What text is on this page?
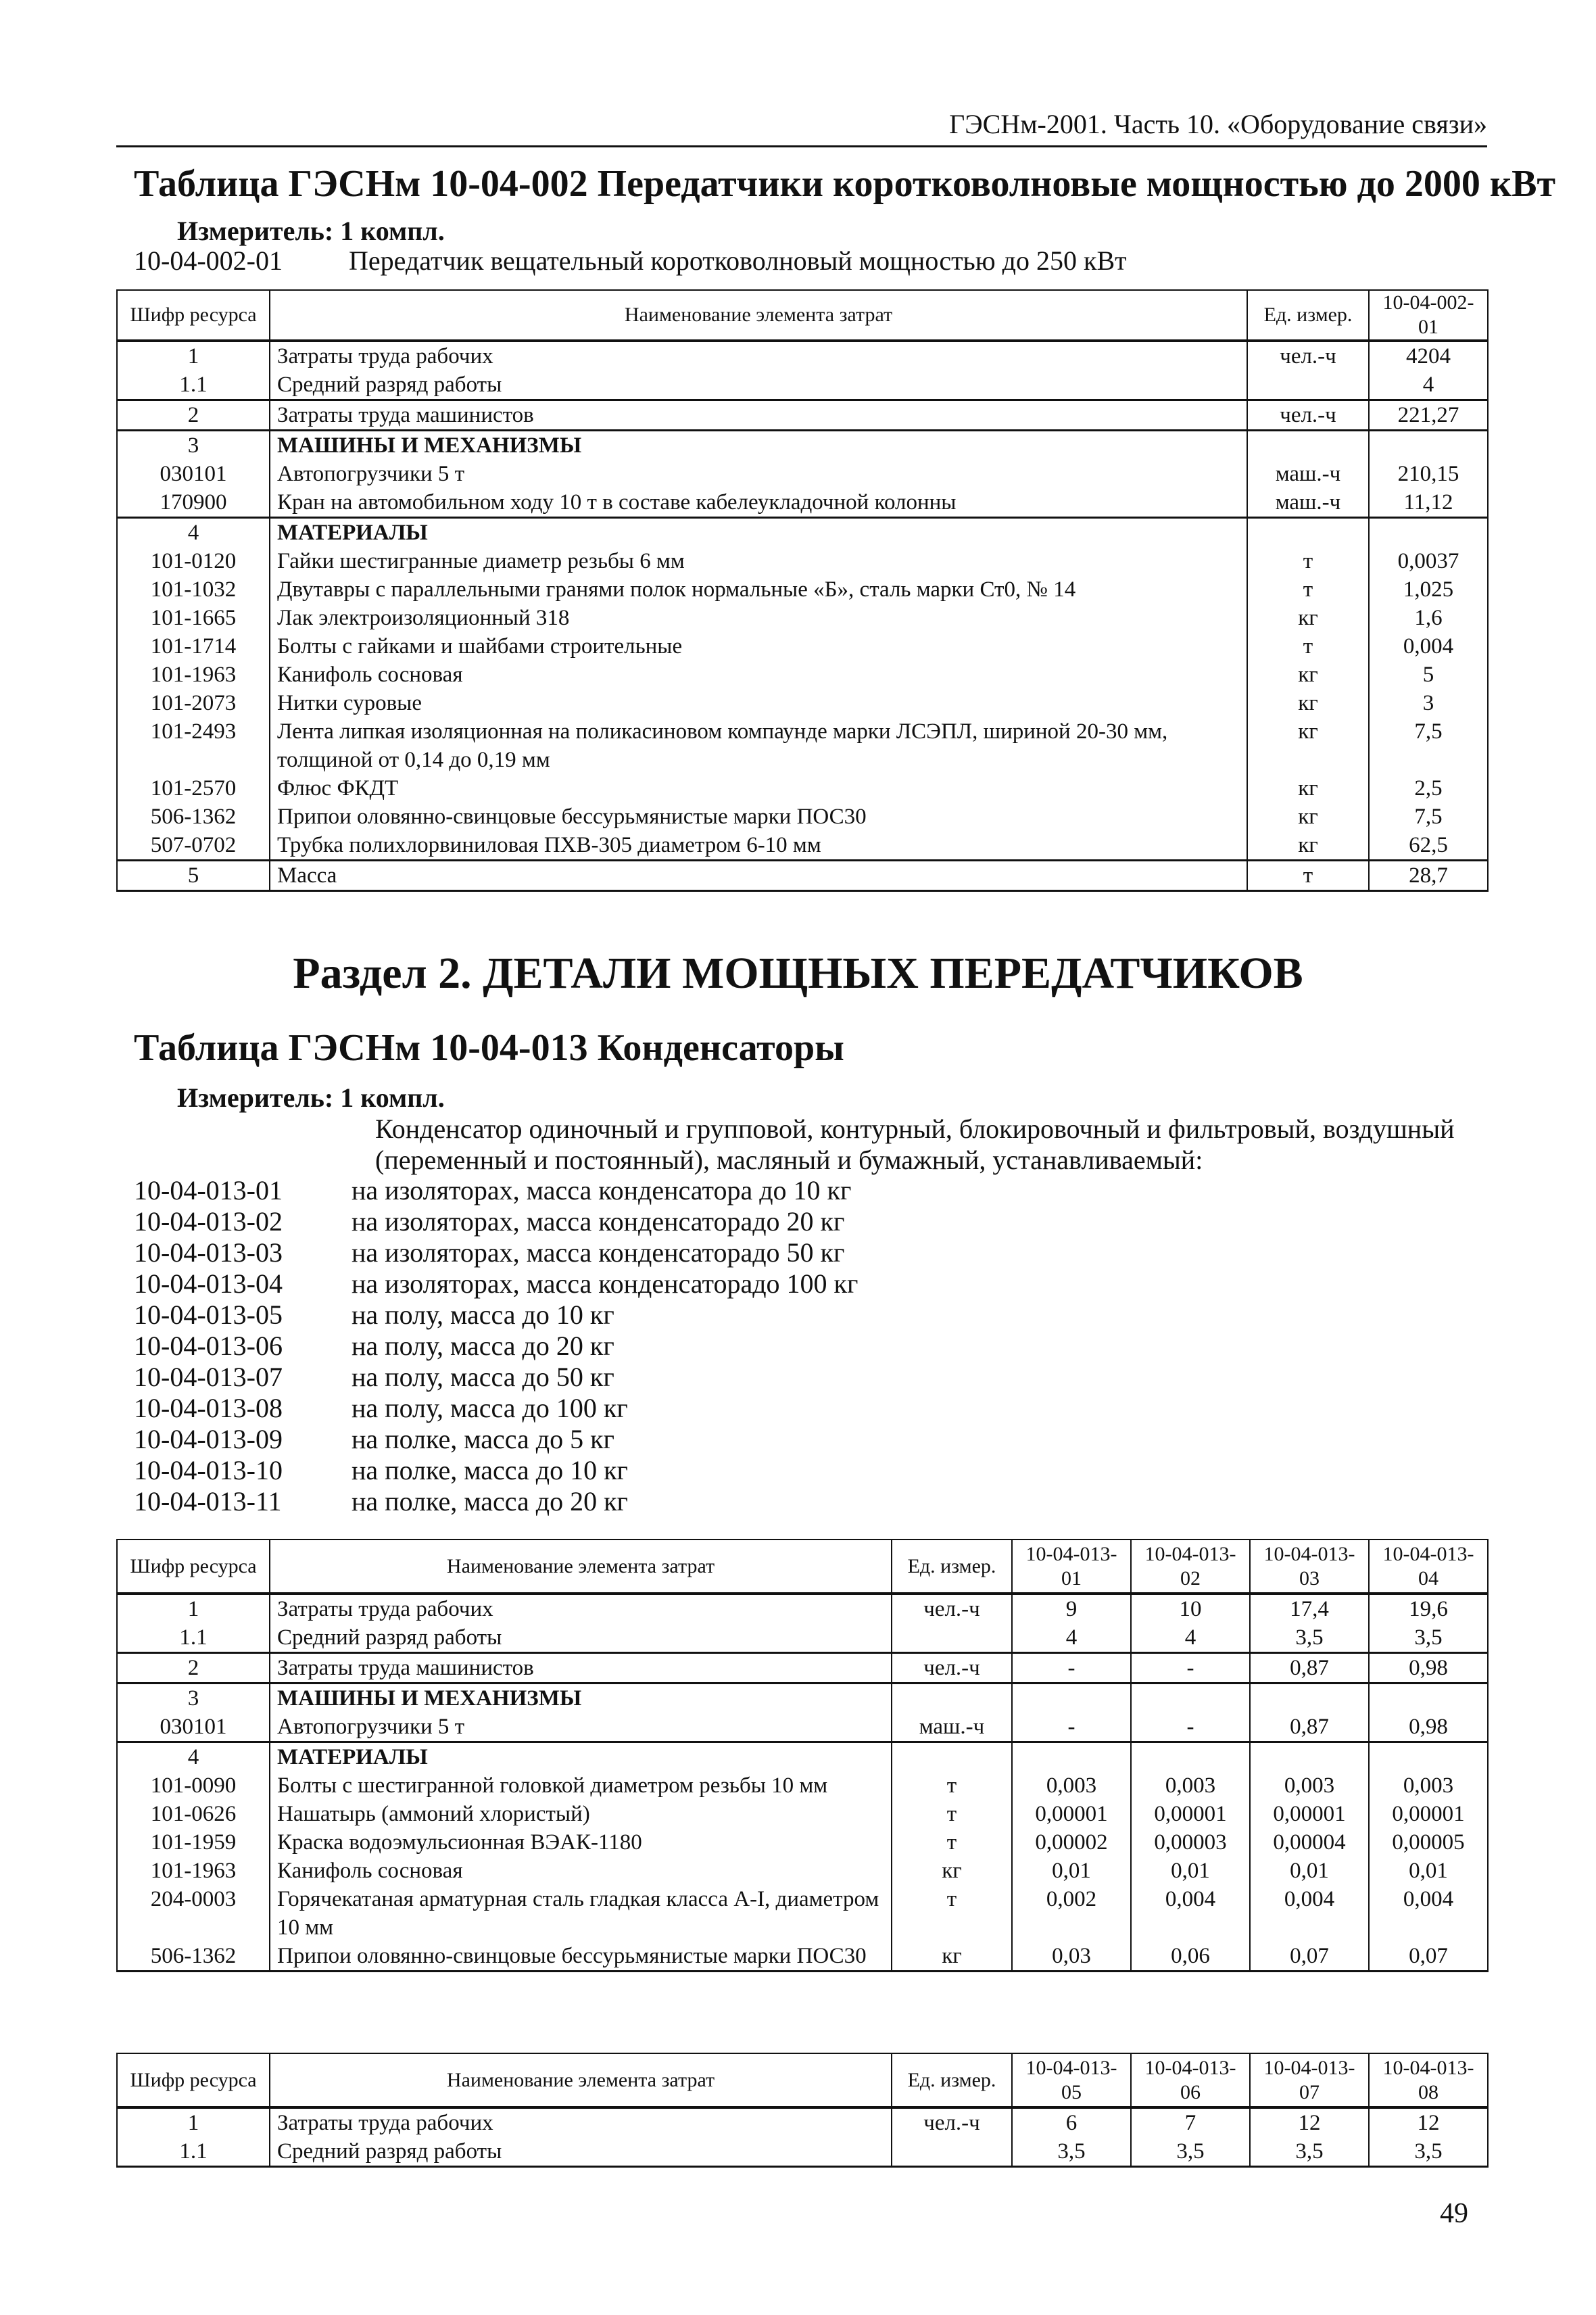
ГЭСНм-2001. Часть 10. «Оборудование связи»
Таблица ГЭСНм 10-04-002 Передатчики коротковолновые мощностью до 2000 кВт
Измеритель: 1 компл.
10-04-002-01 Передатчик вещательный коротковолновый мощностью до 250 кВт
Шифр ресурса	Наименование элемента затрат	Ед. измер.	10-04-002-01
1	Затраты труда рабочих	чел.-ч	4204
1.1	Средний разряд работы		4
2	Затраты труда машинистов	чел.-ч	221,27
3	МАШИНЫ И МЕХАНИЗМЫ		
030101	Автопогрузчики 5 т	маш.-ч	210,15
170900	Кран на автомобильном ходу 10 т в составе кабелеукладочной колонны	маш.-ч	11,12
4	МАТЕРИАЛЫ		
101-0120	Гайки шестигранные диаметр резьбы 6 мм	т	0,0037
101-1032	Двутавры с параллельными гранями полок нормальные «Б», сталь марки Ст0, № 14	т	1,025
101-1665	Лак электроизоляционный 318	кг	1,6
101-1714	Болты с гайками и шайбами строительные	т	0,004
101-1963	Канифоль сосновая	кг	5
101-2073	Нитки суровые	кг	3
101-2493	Лента липкая изоляционная на поликасиновом компаунде марки ЛСЭПЛ, шириной 20-30 мм, толщиной от 0,14 до 0,19 мм	кг	7,5
101-2570	Флюс ФКДТ	кг	2,5
506-1362	Припои оловянно-свинцовые бессурьмянистые марки ПОС30	кг	7,5
507-0702	Трубка полихлорвиниловая ПХВ-305 диаметром 6-10 мм	кг	62,5
5	Масса	т	28,7
Раздел 2. ДЕТАЛИ МОЩНЫХ ПЕРЕДАТЧИКОВ
Таблица ГЭСНм 10-04-013 Конденсаторы
Измеритель: 1 компл.
Конденсатор одиночный и групповой, контурный, блокировочный и фильтровый, воздушный
(переменный и постоянный), масляный и бумажный, устанавливаемый:
10-04-013-01	на изоляторах, масса конденсатора до 10 кг
10-04-013-02	на изоляторах, масса конденсаторадо 20 кг
10-04-013-03	на изоляторах, масса конденсаторадо 50 кг
10-04-013-04	на изоляторах, масса конденсаторадо 100 кг
10-04-013-05	на полу, масса до 10 кг
10-04-013-06	на полу, масса до 20 кг
10-04-013-07	на полу, масса до 50 кг
10-04-013-08	на полу, масса до 100 кг
10-04-013-09	на полке, масса до 5 кг
10-04-013-10	на полке, масса до 10 кг
10-04-013-11	на полке, масса до 20 кг
Шифр ресурса	Наименование элемента затрат	Ед. измер.	10-04-013-01	10-04-013-02	10-04-013-03	10-04-013-04
1	Затраты труда рабочих	чел.-ч	9	10	17,4	19,6
1.1	Средний разряд работы		4	4	3,5	3,5
2	Затраты труда машинистов	чел.-ч	-	-	0,87	0,98
3	МАШИНЫ И МЕХАНИЗМЫ					
030101	Автопогрузчики 5 т	маш.-ч	-	-	0,87	0,98
4	МАТЕРИАЛЫ					
101-0090	Болты с шестигранной головкой диаметром резьбы 10 мм	т	0,003	0,003	0,003	0,003
101-0626	Нашатырь (аммоний хлористый)	т	0,00001	0,00001	0,00001	0,00001
101-1959	Краска водоэмульсионная ВЭАК-1180	т	0,00002	0,00003	0,00004	0,00005
101-1963	Канифоль сосновая	кг	0,01	0,01	0,01	0,01
204-0003	Горячекатаная арматурная сталь гладкая класса А-I, диаметром 10 мм	т	0,002	0,004	0,004	0,004
506-1362	Припои оловянно-свинцовые бессурьмянистые марки ПОС30	кг	0,03	0,06	0,07	0,07
Шифр ресурса	Наименование элемента затрат	Ед. измер.	10-04-013-05	10-04-013-06	10-04-013-07	10-04-013-08
1	Затраты труда рабочих	чел.-ч	6	7	12	12
1.1	Средний разряд работы		3,5	3,5	3,5	3,5
49
